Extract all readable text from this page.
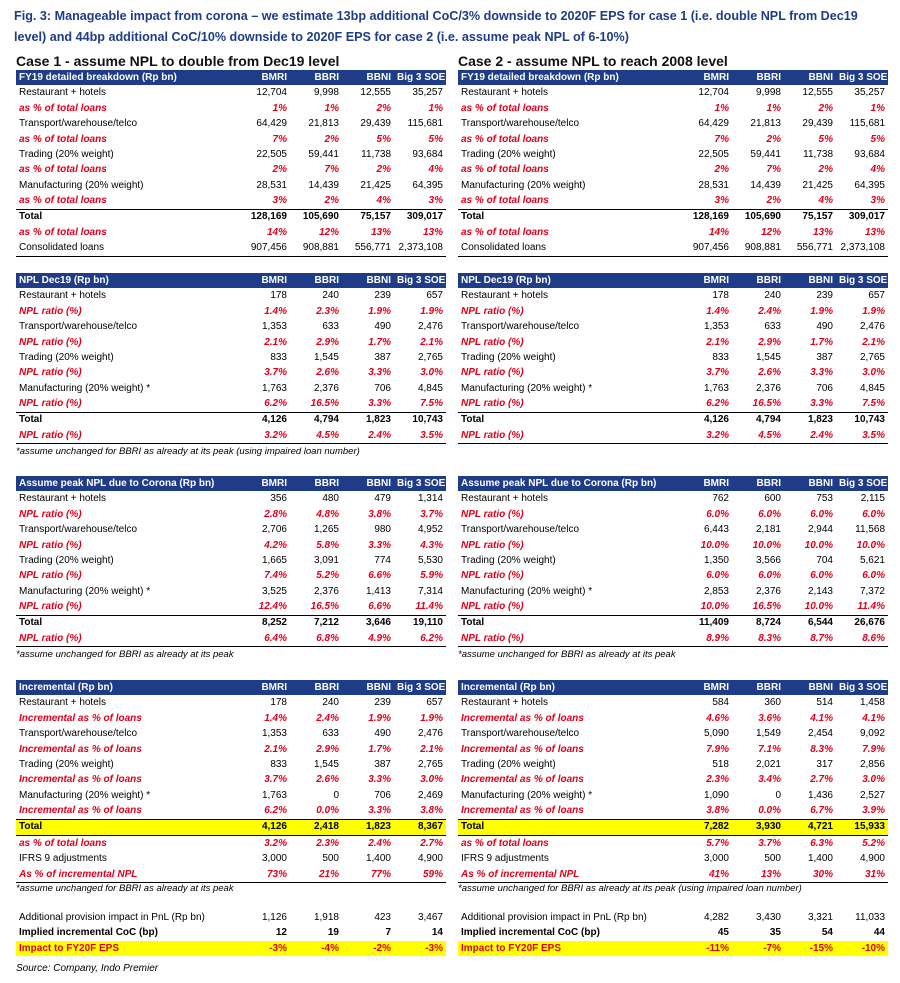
Fig. 3: Manageable impact from corona – we estimate 13bp additional CoC/3% downside to 2020F EPS for case 1 (i.e. double NPL from Dec19 level) and 44bp additional CoC/10% downside to 2020F EPS for case 2 (i.e. assume peak NPL of 6-10%)
Case 1 - assume NPL to double from Dec19 level	Case 2 - assume NPL to reach 2008 level
FY19 detailed breakdown (Rp bn)	BMRI	BBRI	BBNI	Big 3 SOE
Restaurant + hotels	12,704	9,998	12,555	35,257
as % of total loans	1%	1%	2%	1%
Transport/warehouse/telco	64,429	21,813	29,439	115,681
as % of total loans	7%	2%	5%	5%
Trading (20% weight)	22,505	59,441	11,738	93,684
as % of total loans	2%	7%	2%	4%
Manufacturing (20% weight)	28,531	14,439	21,425	64,395
as % of total loans	3%	2%	4%	3%
Total	128,169	105,690	75,157	309,017
as % of total loans	14%	12%	13%	13%
Consolidated loans	907,456	908,881	556,771	2,373,108
NPL Dec19 (Rp bn)	BMRI	BBRI	BBNI	Big 3 SOE
Restaurant + hotels	178	240	239	657
NPL ratio (%)	1.4%	2.3%	1.9%	1.9%
Transport/warehouse/telco	1,353	633	490	2,476
NPL ratio (%)	2.1%	2.9%	1.7%	2.1%
Trading (20% weight)	833	1,545	387	2,765
NPL ratio (%)	3.7%	2.6%	3.3%	3.0%
Manufacturing (20% weight) *	1,763	2,376	706	4,845
NPL ratio (%)	6.2%	16.5%	3.3%	7.5%
Total	4,126	4,794	1,823	10,743
NPL ratio (%)	3.2%	4.5%	2.4%	3.5%

*assume unchanged for BBRI as already at its peak (using impaired loan number)

Assume peak NPL due to Corona (Rp bn)	BMRI	BBRI	BBNI	Big 3 SOE
Restaurant + hotels	356	480	479	1,314
NPL ratio (%)	2.8%	4.8%	3.8%	3.7%
Transport/warehouse/telco	2,706	1,265	980	4,952
NPL ratio (%)	4.2%	5.8%	3.3%	4.3%
Trading (20% weight)	1,665	3,091	774	5,530
NPL ratio (%)	7.4%	5.2%	6.6%	5.9%
Manufacturing (20% weight) *	3,525	2,376	1,413	7,314
NPL ratio (%)	12.4%	16.5%	6.6%	11.4%
Total	8,252	7,212	3,646	19,110
NPL ratio (%)	6.4%	6.8%	4.9%	6.2%

*assume unchanged for BBRI as already at its peak

Incremental (Rp bn)	BMRI	BBRI	BBNI	Big 3 SOE
Restaurant + hotels	178	240	239	657
Incremental as % of loans	1.4%	2.4%	1.9%	1.9%
Transport/warehouse/telco	1,353	633	490	2,476
Incremental as % of loans	2.1%	2.9%	1.7%	2.1%
Trading (20% weight)	833	1,545	387	2,765
Incremental as % of loans	3.7%	2.6%	3.3%	3.0%
Manufacturing (20% weight) *	1,763	0	706	2,469
Incremental as % of loans	6.2%	0.0%	3.3%	3.8%
Total	4,126	2,418	1,823	8,367
as % of total loans	3.2%	2.3%	2.4%	2.7%
IFRS 9 adjustments	3,000	500	1,400	4,900
As % of incremental NPL	73%	21%	77%	59%

*assume unchanged for BBRI as already at its peak

Additional provision impact in PnL (Rp bn)	1,126	1,918	423	3,467
Implied incremental CoC (bp)	12	19	7	14
Impact to FY20F EPS	-3%	-4%	-2%	-3%
FY19 detailed breakdown (Rp bn)	BMRI	BBRI	BBNI	Big 3 SOE
Restaurant + hotels	12,704	9,998	12,555	35,257
as % of total loans	1%	1%	2%	1%
Transport/warehouse/telco	64,429	21,813	29,439	115,681
as % of total loans	7%	2%	5%	5%
Trading (20% weight)	22,505	59,441	11,738	93,684
as % of total loans	2%	7%	2%	4%
Manufacturing (20% weight)	28,531	14,439	21,425	64,395
as % of total loans	3%	2%	4%	3%
Total	128,169	105,690	75,157	309,017
as % of total loans	14%	12%	13%	13%
Consolidated loans	907,456	908,881	556,771	2,373,108
NPL Dec19 (Rp bn)	BMRI	BBRI	BBNI	Big 3 SOE
Restaurant + hotels	178	240	239	657
NPL ratio (%)	1.4%	2.4%	1.9%	1.9%
Transport/warehouse/telco	1,353	633	490	2,476
NPL ratio (%)	2.1%	2.9%	1.7%	2.1%
Trading (20% weight)	833	1,545	387	2,765
NPL ratio (%)	3.7%	2.6%	3.3%	3.0%
Manufacturing (20% weight) *	1,763	2,376	706	4,845
NPL ratio (%)	6.2%	16.5%	3.3%	7.5%
Total	4,126	4,794	1,823	10,743
NPL ratio (%)	3.2%	4.5%	2.4%	3.5%
Assume peak NPL due to Corona (Rp bn)	BMRI	BBRI	BBNI	Big 3 SOE
Restaurant + hotels	762	600	753	2,115
NPL ratio (%)	6.0%	6.0%	6.0%	6.0%
Transport/warehouse/telco	6,443	2,181	2,944	11,568
NPL ratio (%)	10.0%	10.0%	10.0%	10.0%
Trading (20% weight)	1,350	3,566	704	5,621
NPL ratio (%)	6.0%	6.0%	6.0%	6.0%
Manufacturing (20% weight) *	2,853	2,376	2,143	7,372
NPL ratio (%)	10.0%	16.5%	10.0%	11.4%
Total	11,409	8,724	6,544	26,676
NPL ratio (%)	8.9%	8.3%	8.7%	8.6%

*assume unchanged for BBRI as already at its peak

Incremental (Rp bn)	BMRI	BBRI	BBNI	Big 3 SOE
Restaurant + hotels	584	360	514	1,458
Incremental as % of loans	4.6%	3.6%	4.1%	4.1%
Transport/warehouse/telco	5,090	1,549	2,454	9,092
Incremental as % of loans	7.9%	7.1%	8.3%	7.9%
Trading (20% weight)	518	2,021	317	2,856
Incremental as % of loans	2.3%	3.4%	2.7%	3.0%
Manufacturing (20% weight) *	1,090	0	1,436	2,527
Incremental as % of loans	3.8%	0.0%	6.7%	3.9%
Total	7,282	3,930	4,721	15,933
as % of total loans	5.7%	3.7%	6.3%	5.2%
IFRS 9 adjustments	3,000	500	1,400	4,900
As % of incremental NPL	41%	13%	30%	31%

*assume unchanged for BBRI as already at its peak (using impaired loan number)

Additional provision impact in PnL (Rp bn)	4,282	3,430	3,321	11,033
Implied incremental CoC (bp)	45	35	54	44
Impact to FY20F EPS	-11%	-7%	-15%	-10%

Source: Company, Indo Premier
